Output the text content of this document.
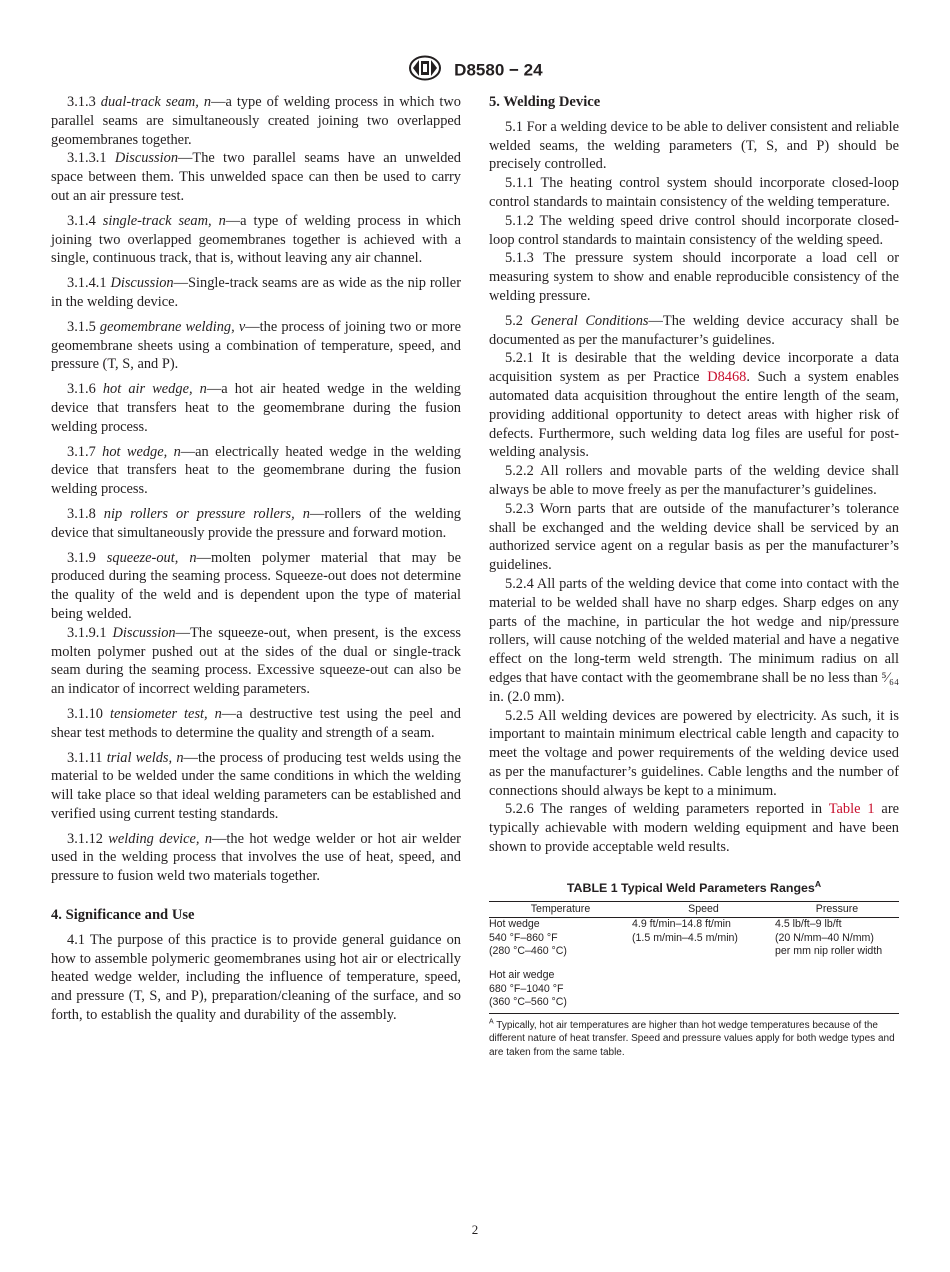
D8580 − 24

3.1.3 dual-track seam, n—a type of welding process in which two parallel seams are simultaneously created joining two overlapped geomembranes together.

3.1.3.1 Discussion—The two parallel seams have an unwelded space between them. This unwelded space can then be used to carry out an air pressure test.

3.1.4 single-track seam, n—a type of welding process in which joining two overlapped geomembranes together is achieved with a single, continuous track, that is, without leaving any air channel.

3.1.4.1 Discussion—Single-track seams are as wide as the nip roller in the welding device.

3.1.5 geomembrane welding, v—the process of joining two or more geomembrane sheets using a combination of temperature, speed, and pressure (T, S, and P).

3.1.6 hot air wedge, n—a hot air heated wedge in the welding device that transfers heat to the geomembrane during the fusion welding process.

3.1.7 hot wedge, n—an electrically heated wedge in the welding device that transfers heat to the geomembrane during the fusion welding process.

3.1.8 nip rollers or pressure rollers, n—rollers of the welding device that simultaneously provide the pressure and forward motion.

3.1.9 squeeze-out, n—molten polymer material that may be produced during the seaming process. Squeeze-out does not determine the quality of the weld and is dependent upon the type of material being welded.

3.1.9.1 Discussion—The squeeze-out, when present, is the excess molten polymer pushed out at the sides of the dual or single-track seam during the seaming process. Excessive squeeze-out can also be an indicator of incorrect welding parameters.

3.1.10 tensiometer test, n—a destructive test using the peel and shear test methods to determine the quality and strength of a seam.

3.1.11 trial welds, n—the process of producing test welds using the material to be welded under the same conditions in which the welding will take place so that ideal welding parameters can be established and verified using current testing standards.

3.1.12 welding device, n—the hot wedge welder or hot air welder used in the welding process that involves the use of heat, speed, and pressure to fusion weld two materials together.

4. Significance and Use

4.1 The purpose of this practice is to provide general guidance on how to assemble polymeric geomembranes using hot air or electrically heated wedge welder, including the influence of temperature, speed, and pressure (T, S, and P), preparation/cleaning of the surface, and so forth, to establish the quality and durability of the assembly.

5. Welding Device

5.1 For a welding device to be able to deliver consistent and reliable welded seams, the welding parameters (T, S, and P) should be precisely controlled.

5.1.1 The heating control system should incorporate closed-loop control standards to maintain consistency of the welding temperature.

5.1.2 The welding speed drive control should incorporate closed-loop control standards to maintain consistency of the welding speed.

5.1.3 The pressure system should incorporate a load cell or measuring system to show and enable reproducible consistency of the welding pressure.

5.2 General Conditions—The welding device accuracy shall be documented as per the manufacturer’s guidelines.

5.2.1 It is desirable that the welding device incorporate a data acquisition system as per Practice D8468. Such a system enables automated data acquisition throughout the entire length of the seam, providing additional opportunity to detect areas with higher risk of defects. Furthermore, such welding data log files are useful for post-welding analysis.

5.2.2 All rollers and movable parts of the welding device shall always be able to move freely as per the manufacturer’s guidelines.

5.2.3 Worn parts that are outside of the manufacturer’s tolerance shall be exchanged and the welding device shall be serviced by an authorized service agent on a regular basis as per the manufacturer’s guidelines.

5.2.4 All parts of the welding device that come into contact with the material to be welded shall have no sharp edges. Sharp edges on any parts of the machine, in particular the hot wedge and nip/pressure rollers, will cause notching of the welded material and have a negative effect on the long-term weld strength. The minimum radius on all edges that have contact with the geomembrane shall be no less than ⁵⁄₆₄ in. (2.0 mm).

5.2.5 All welding devices are powered by electricity. As such, it is important to maintain minimum electrical cable length and capacity to meet the voltage and power requirements of the welding device used as per the manufacturer’s guidelines. Cable lengths and the number of connections should always be kept to a minimum.

5.2.6 The ranges of welding parameters reported in Table 1 are typically achievable with modern welding equipment and have been shown to provide acceptable weld results.

TABLE 1 Typical Weld Parameters Ranges$^A$
Temperature	Speed	Pressure
Hot wedge	4.9 ft/min–14.8 ft/min	4.5 lb/ft–9 lb/ft
540 °F–860 °F	(1.5 m/min–4.5 m/min)	(20 N/mm–40 N/mm)
(280 °C–460 °C)		per mm nip roller width

Hot air wedge		
680 °F–1040 °F		
(360 °C–560 °C)		
$^A$ Typically, hot air temperatures are higher than hot wedge temperatures because of the different nature of heat transfer. Speed and pressure values apply for both wedge types and are taken from the same table.
2
